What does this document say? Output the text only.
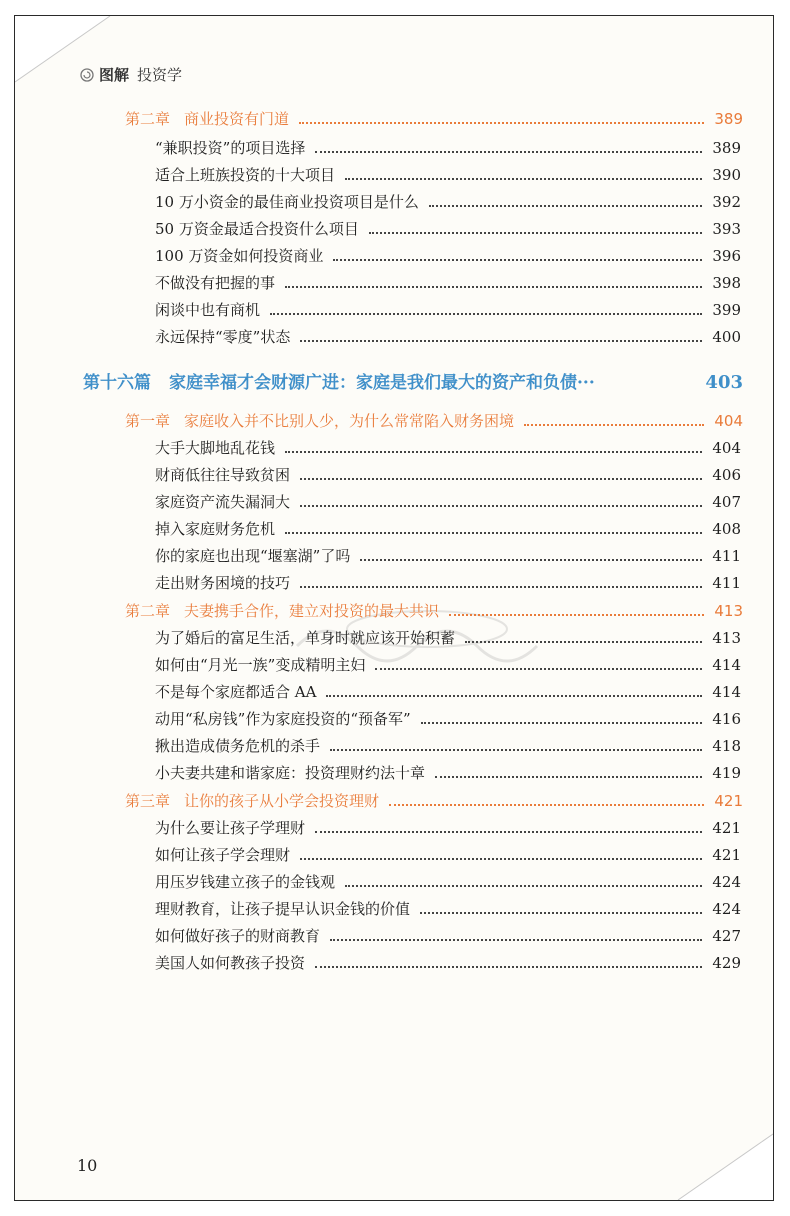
图解 投资学
第二章 商业投资有门道	389
“兼职投资”的项目选择	389
适合上班族投资的十大项目	390
10 万小资金的最佳商业投资项目是什么	392
50 万资金最适合投资什么项目	393
100 万资金如何投资商业	396
不做没有把握的事	398
闲谈中也有商机	399
永远保持“零度”状态	400
第十六篇 家庭幸福才会财源广进：家庭是我们最大的资产和负债···	403
第一章 家庭收入并不比别人少，为什么常常陷入财务困境	404
大手大脚地乱花钱	404
财商低往往导致贫困	406
家庭资产流失漏洞大	407
掉入家庭财务危机	408
你的家庭也出现“堰塞湖”了吗	411
走出财务困境的技巧	411
第二章 夫妻携手合作，建立对投资的最大共识	413
为了婚后的富足生活，单身时就应该开始积蓄	413
如何由“月光一族”变成精明主妇	414
不是每个家庭都适合 AA	414
动用“私房钱”作为家庭投资的“预备军”	416
揪出造成债务危机的杀手	418
小夫妻共建和谐家庭：投资理财约法十章	419
第三章 让你的孩子从小学会投资理财	421
为什么要让孩子学理财	421
如何让孩子学会理财	421
用压岁钱建立孩子的金钱观	424
理财教育，让孩子提早认识金钱的价值	424
如何做好孩子的财商教育	427
美国人如何教孩子投资	429
10
